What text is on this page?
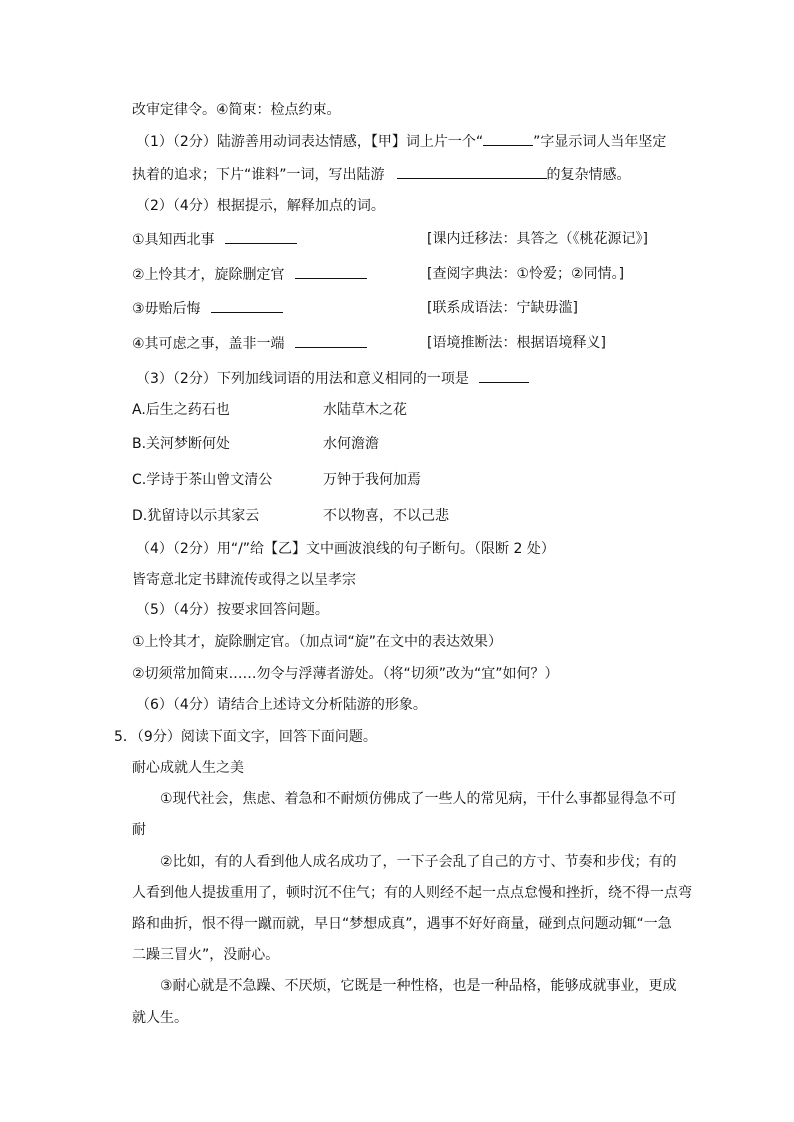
改审定律令。④简束：检点约束。
（1）（2分）陆游善用动词表达情感，【甲】词上片一个“	”字显示词人当年坚定
执着的追求；下片“谁料”一词，写出陆游	的复杂情感。
（2）（4分）根据提示，解释加点的词。
①具知西北事	[课内迁移法：具答之（《桃花源记》]
②上怜其才，旋除删定官	[查阅字典法：①怜爱；②同情。]
③毋贻后悔	[联系成语法：宁缺毋滥]
④其可虑之事，盖非一端	[语境推断法：根据语境释义]
（3）（2分）下列加线词语的用法和意义相同的一项是
A.后生之药石也	水陆草木之花
B.关河梦断何处	水何澹澹
C.学诗于茶山曾文清公	万钟于我何加焉
D.犹留诗以示其家云	不以物喜，不以己悲
（4）（2分）用“/”给【乙】文中画波浪线的句子断句。（限断 2 处）
皆寄意北定书肆流传或得之以呈孝宗
（5）（4分）按要求回答问题。
①上怜其才，旋除删定官。（加点词“旋”在文中的表达效果）
②切须常加简束……勿令与浮薄者游处。（将“切须”改为“宜”如何？）
（6）（4分）请结合上述诗文分析陆游的形象。
5．（9分）阅读下面文字，回答下面问题。
耐心成就人生之美
①现代社会，焦虑、着急和不耐烦仿佛成了一些人的常见病，干什么事都显得急不可
耐
②比如，有的人看到他人成名成功了，一下子会乱了自己的方寸、节奏和步伐；有的
人看到他人提拔重用了，顿时沉不住气；有的人则经不起一点点怠慢和挫折，绕不得一点弯
路和曲折，恨不得一蹴而就，早日“梦想成真”，遇事不好好商量，碰到点问题动辄“一急
二躁三冒火”，没耐心。
③耐心就是不急躁、不厌烦，它既是一种性格，也是一种品格，能够成就事业，更成
就人生。
